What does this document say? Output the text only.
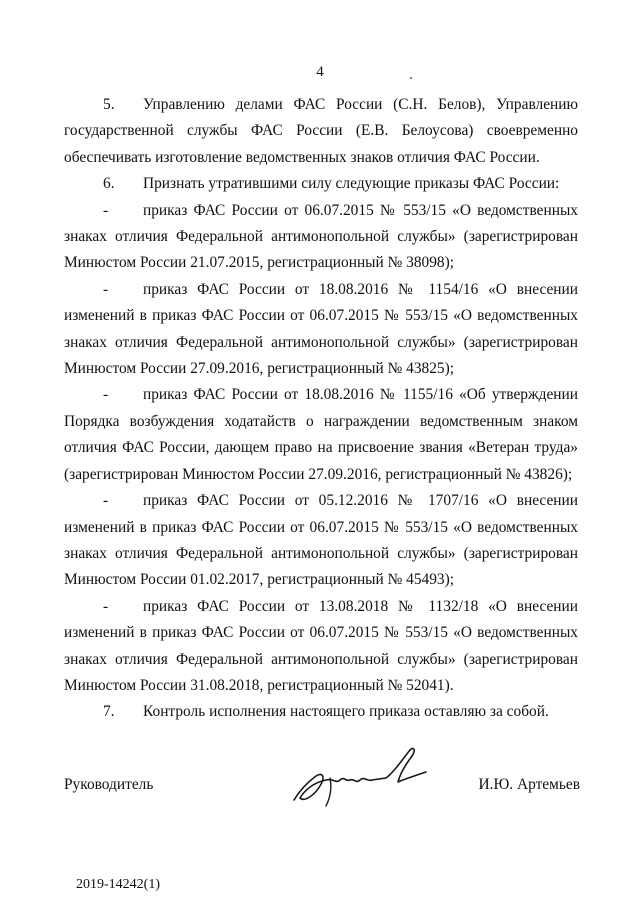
4

5. Управлению делами ФАС России (С.Н. Белов), Управлению государственной службы ФАС России (Е.В. Белоусова) своевременно обеспечивать изготовление ведомственных знаков отличия ФАС России.

6. Признать утратившими силу следующие приказы ФАС России:

- приказ ФАС России от 06.07.2015 № 553/15 «О ведомственных знаках отличия Федеральной антимонопольной службы» (зарегистрирован Минюстом России 21.07.2015, регистрационный № 38098);

- приказ ФАС России от 18.08.2016 № 1154/16 «О внесении изменений в приказ ФАС России от 06.07.2015 № 553/15 «О ведомственных знаках отличия Федеральной антимонопольной службы» (зарегистрирован Минюстом России 27.09.2016, регистрационный № 43825);

- приказ ФАС России от 18.08.2016 № 1155/16 «Об утверждении Порядка возбуждения ходатайств о награждении ведомственным знаком отличия ФАС России, дающем право на присвоение звания «Ветеран труда» (зарегистрирован Минюстом России 27.09.2016, регистрационный № 43826);

- приказ ФАС России от 05.12.2016 № 1707/16 «О внесении изменений в приказ ФАС России от 06.07.2015 № 553/15 «О ведомственных знаках отличия Федеральной антимонопольной службы» (зарегистрирован Минюстом России 01.02.2017, регистрационный № 45493);

- приказ ФАС России от 13.08.2018 № 1132/18 «О внесении изменений в приказ ФАС России от 06.07.2015 № 553/15 «О ведомственных знаках отличия Федеральной антимонопольной службы» (зарегистрирован Минюстом России 31.08.2018, регистрационный № 52041).

7. Контроль исполнения настоящего приказа оставляю за собой.

Руководитель	И.Ю. Артемьев
2019-14242(1)
